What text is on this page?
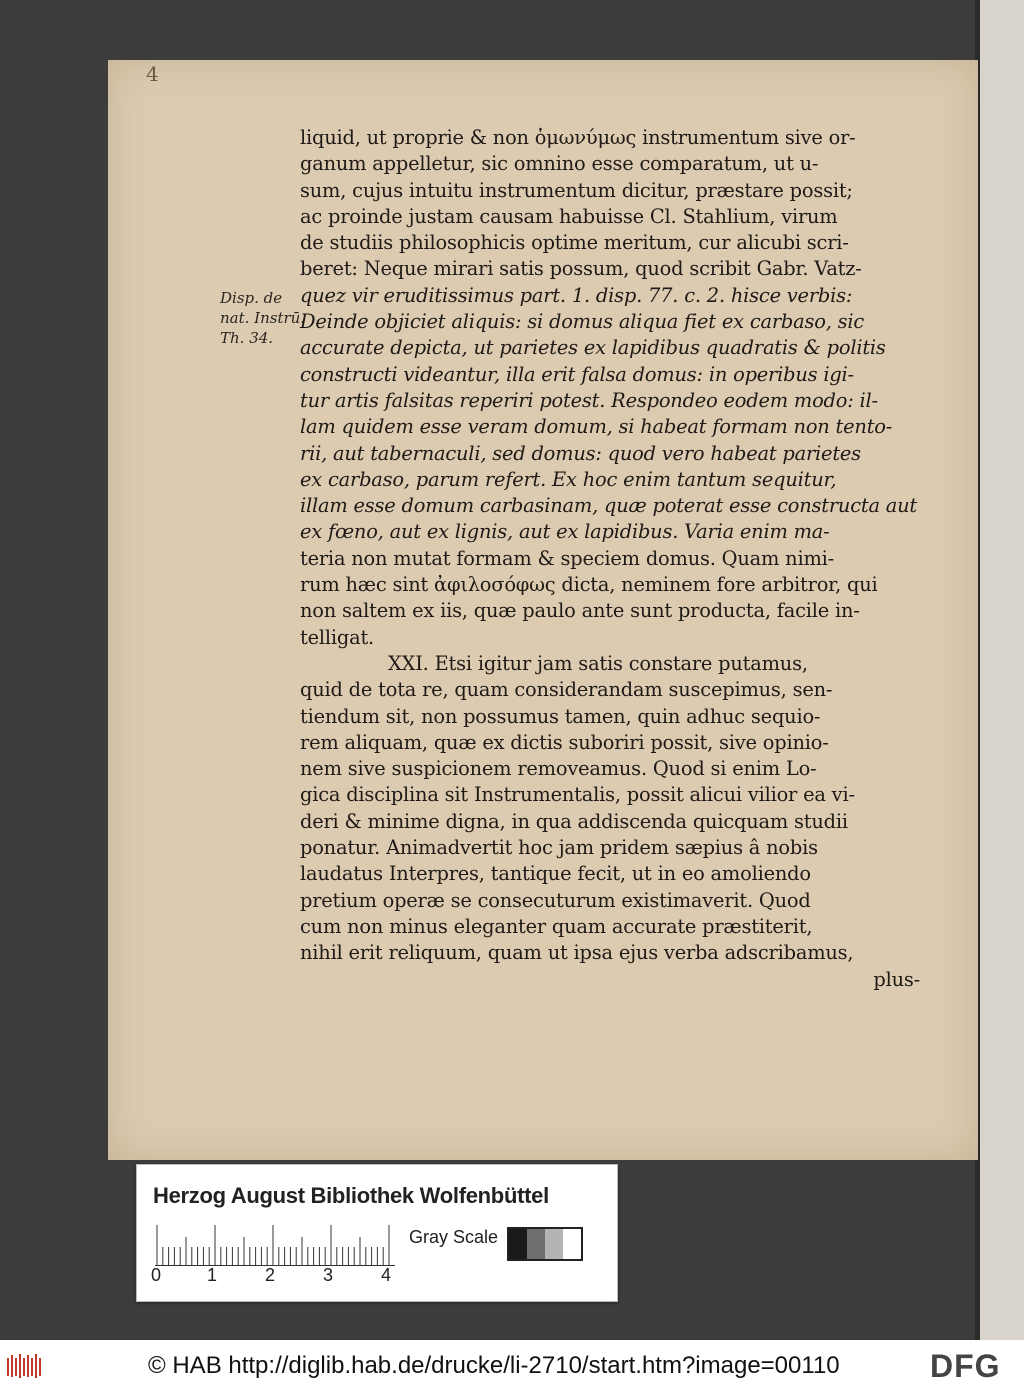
4
Disp. de
nat. Instrū.
Th. 34.
liquid, ut proprie & non ὁμωνύμως instrumentum sive or-
ganum appelletur, sic omnino esse comparatum, ut u-
sum, cujus intuitu instrumentum dicitur, præstare possit;
ac proinde justam causam habuisse Cl. Stahlium, virum
de studiis philosophicis optime meritum, cur alicubi scri-
beret: Neque mirari satis possum, quod scribit Gabr. Vatz-
quez vir eruditissimus part. 1. disp. 77. c. 2. hisce verbis:
Deinde objiciet aliquis: si domus aliqua fiet ex carbaso, sic
accurate depicta, ut parietes ex lapidibus quadratis & politis
constructi videantur, illa erit falsa domus: in operibus igi-
tur artis falsitas reperiri potest. Respondeo eodem modo: il-
lam quidem esse veram domum, si habeat formam non tento-
rii, aut tabernaculi, sed domus: quod vero habeat parietes
ex carbaso, parum refert. Ex hoc enim tantum sequitur,
illam esse domum carbasinam, quæ poterat esse constructa aut
ex fœno, aut ex lignis, aut ex lapidibus. Varia enim ma-
teria non mutat formam & speciem domus. Quam nimi-
rum hæc sint ἀφιλοσόφως dicta, neminem fore arbitror, qui
non saltem ex iis, quæ paulo ante sunt producta, facile in-
telligat.
XXI. Etsi igitur jam satis constare putamus,
quid de tota re, quam considerandam suscepimus, sen-
tiendum sit, non possumus tamen, quin adhuc sequio-
rem aliquam, quæ ex dictis suboriri possit, sive opinio-
nem sive suspicionem removeamus. Quod si enim Lo-
gica disciplina sit Instrumentalis, possit alicui vilior ea vi-
deri & minime digna, in qua addiscenda quicquam studii
ponatur. Animadvertit hoc jam pridem sæpius â nobis
laudatus Interpres, tantique fecit, ut in eo amoliendo
pretium operæ se consecuturum existimaverit. Quod
cum non minus eleganter quam accurate præstiterit,
nihil erit reliquum, quam ut ipsa ejus verba adscribamus,
plus-
Herzog August Bibliothek Wolfenbüttel
0	1	2	3	4
Gray Scale
© HAB http://diglib.hab.de/drucke/li-2710/start.htm?image=00110	DFG
